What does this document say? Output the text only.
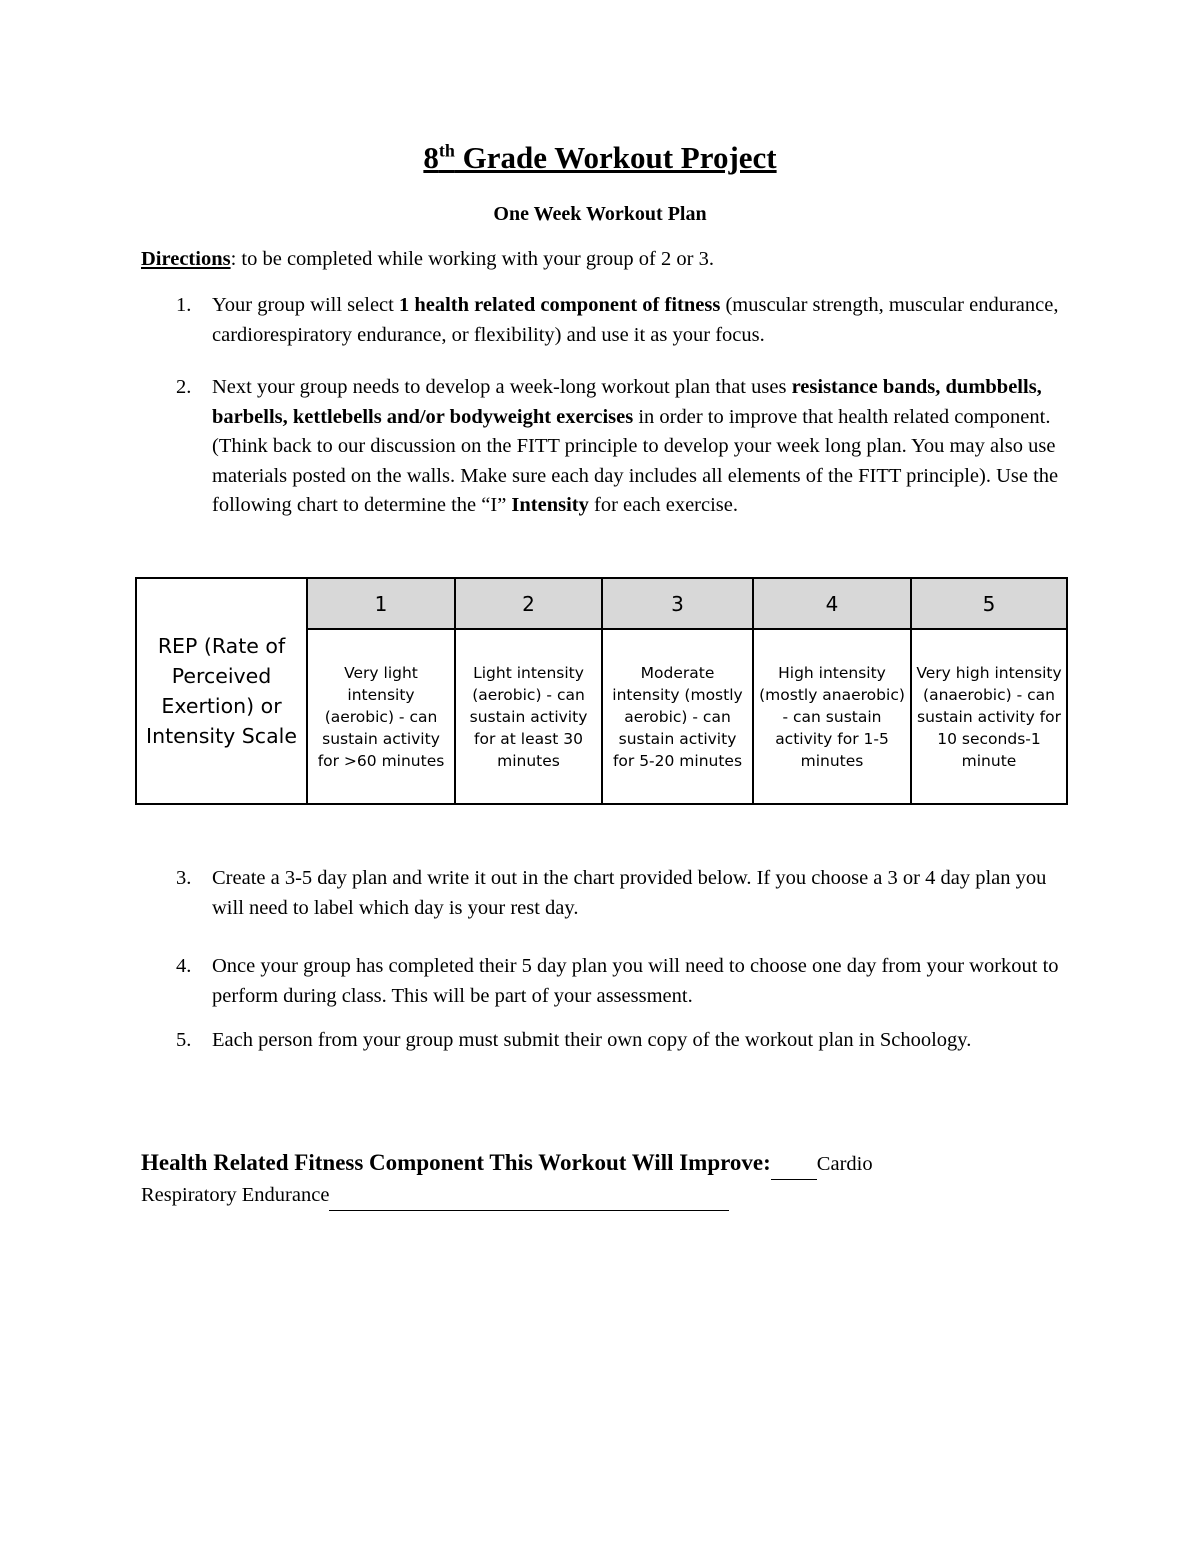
8th Grade Workout Project

One Week Workout Plan

Directions: to be completed while working with your group of 2 or 3.

1.	Your group will select 1 health related component of fitness (muscular strength, muscular endurance, cardiorespiratory endurance, or flexibility) and use it as your focus.
2.	Next your group needs to develop a week-long workout plan that uses resistance bands, dumbbells, barbells, kettlebells and/or bodyweight exercises in order to improve that health related component. (Think back to our discussion on the FITT principle to develop your week long plan. You may also use materials posted on the walls. Make sure each day includes all elements of the FITT principle). Use the following chart to determine the “I” Intensity for each exercise.
REP (Rate of Perceived Exertion) or Intensity Scale	1	2	3	4	5
	Very light intensity (aerobic) - can sustain activity for >60 minutes	Light intensity (aerobic) - can sustain activity for at least 30 minutes	Moderate intensity (mostly aerobic) - can sustain activity for 5-20 minutes	High intensity (mostly anaerobic) - can sustain activity for 1-5 minutes	Very high intensity (anaerobic) - can sustain activity for 10 seconds-1 minute
3.	Create a 3-5 day plan and write it out in the chart provided below. If you choose a 3 or 4 day plan you will need to label which day is your rest day.
4.	Once your group has completed their 5 day plan you will need to choose one day from your workout to perform during class. This will be part of your assessment.
5.	Each person from your group must submit their own copy of the workout plan in Schoology.
Health Related Fitness Component This Workout Will Improve: Cardio
Respiratory Endurance
